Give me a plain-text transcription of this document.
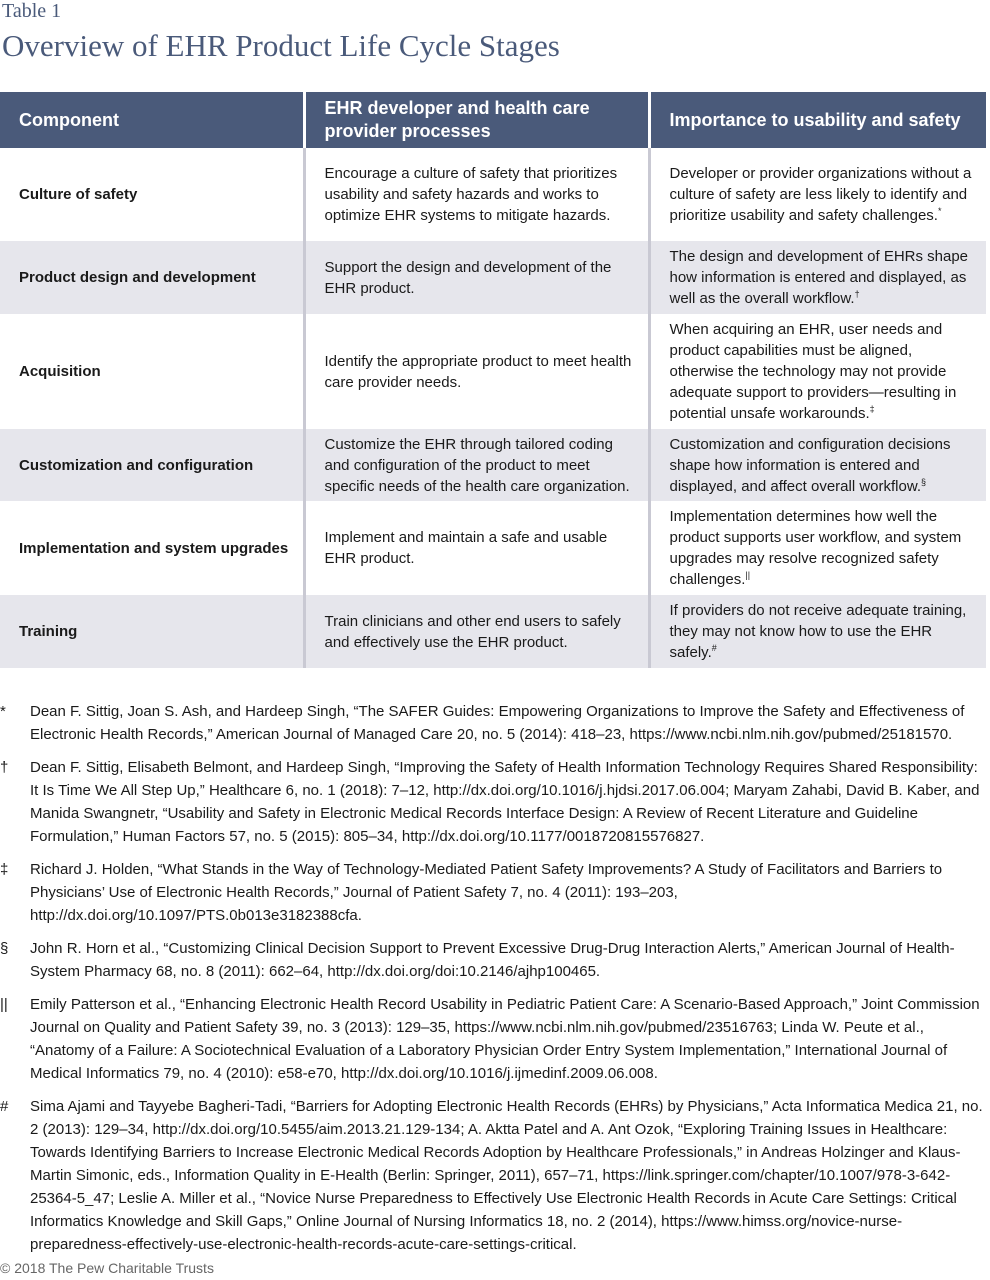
Table 1
Overview of EHR Product Life Cycle Stages
Component	EHR developer and health care provider processes	Importance to usability and safety
Culture of safety	Encourage a culture of safety that prioritizes usability and safety hazards and works to optimize EHR systems to mitigate hazards.	Developer or provider organizations without a culture of safety are less likely to identify and prioritize usability and safety challenges.*
Product design and development	Support the design and development of the EHR product.	The design and development of EHRs shape how information is entered and displayed, as well as the overall workflow.†
Acquisition	Identify the appropriate product to meet health care provider needs.	When acquiring an EHR, user needs and product capabilities must be aligned, otherwise the technology may not provide adequate support to providers—resulting in potential unsafe workarounds.‡
Customization and configuration	Customize the EHR through tailored coding and configuration of the product to meet specific needs of the health care organization.	Customization and configuration decisions shape how information is entered and displayed, and affect overall workflow.§
Implementation and system upgrades	Implement and maintain a safe and usable EHR product.	Implementation determines how well the product supports user workflow, and system upgrades may resolve recognized safety challenges.||
Training	Train clinicians and other end users to safely and effectively use the EHR product.	If providers do not receive adequate training, they may not know how to use the EHR safely.#
* Dean F. Sittig, Joan S. Ash, and Hardeep Singh, “The SAFER Guides: Empowering Organizations to Improve the Safety and Effectiveness of Electronic Health Records,” American Journal of Managed Care 20, no. 5 (2014): 418–23, https://www.ncbi.nlm.nih.gov/pubmed/25181570.
† Dean F. Sittig, Elisabeth Belmont, and Hardeep Singh, “Improving the Safety of Health Information Technology Requires Shared Responsibility: It Is Time We All Step Up,” Healthcare 6, no. 1 (2018): 7–12, http://dx.doi.org/10.1016/j.hjdsi.2017.06.004; Maryam Zahabi, David B. Kaber, and Manida Swangnetr, “Usability and Safety in Electronic Medical Records Interface Design: A Review of Recent Literature and Guideline Formulation,” Human Factors 57, no. 5 (2015): 805–34, http://dx.doi.org/10.1177/0018720815576827.
‡ Richard J. Holden, “What Stands in the Way of Technology-Mediated Patient Safety Improvements? A Study of Facilitators and Barriers to Physicians’ Use of Electronic Health Records,” Journal of Patient Safety 7, no. 4 (2011): 193–203, http://dx.doi.org/10.1097/PTS.0b013e3182388cfa.
§ John R. Horn et al., “Customizing Clinical Decision Support to Prevent Excessive Drug-Drug Interaction Alerts,” American Journal of Health-System Pharmacy 68, no. 8 (2011): 662–64, http://dx.doi.org/doi:10.2146/ajhp100465.
|| Emily Patterson et al., “Enhancing Electronic Health Record Usability in Pediatric Patient Care: A Scenario-Based Approach,” Joint Commission Journal on Quality and Patient Safety 39, no. 3 (2013): 129–35, https://www.ncbi.nlm.nih.gov/pubmed/23516763; Linda W. Peute et al., “Anatomy of a Failure: A Sociotechnical Evaluation of a Laboratory Physician Order Entry System Implementation,” International Journal of Medical Informatics 79, no. 4 (2010): e58-e70, http://dx.doi.org/10.1016/j.ijmedinf.2009.06.008.
# Sima Ajami and Tayyebe Bagheri-Tadi, “Barriers for Adopting Electronic Health Records (EHRs) by Physicians,” Acta Informatica Medica 21, no. 2 (2013): 129–34, http://dx.doi.org/10.5455/aim.2013.21.129-134; A. Aktta Patel and A. Ant Ozok, “Exploring Training Issues in Healthcare: Towards Identifying Barriers to Increase Electronic Medical Records Adoption by Healthcare Professionals,” in Andreas Holzinger and Klaus-Martin Simonic, eds., Information Quality in E-Health (Berlin: Springer, 2011), 657–71, https://link.springer.com/chapter/10.1007/978-3-642-25364-5_47; Leslie A. Miller et al., “Novice Nurse Preparedness to Effectively Use Electronic Health Records in Acute Care Settings: Critical Informatics Knowledge and Skill Gaps,” Online Journal of Nursing Informatics 18, no. 2 (2014), https://www.himss.org/novice-nurse-preparedness-effectively-use-electronic-health-records-acute-care-settings-critical.
© 2018 The Pew Charitable Trusts
